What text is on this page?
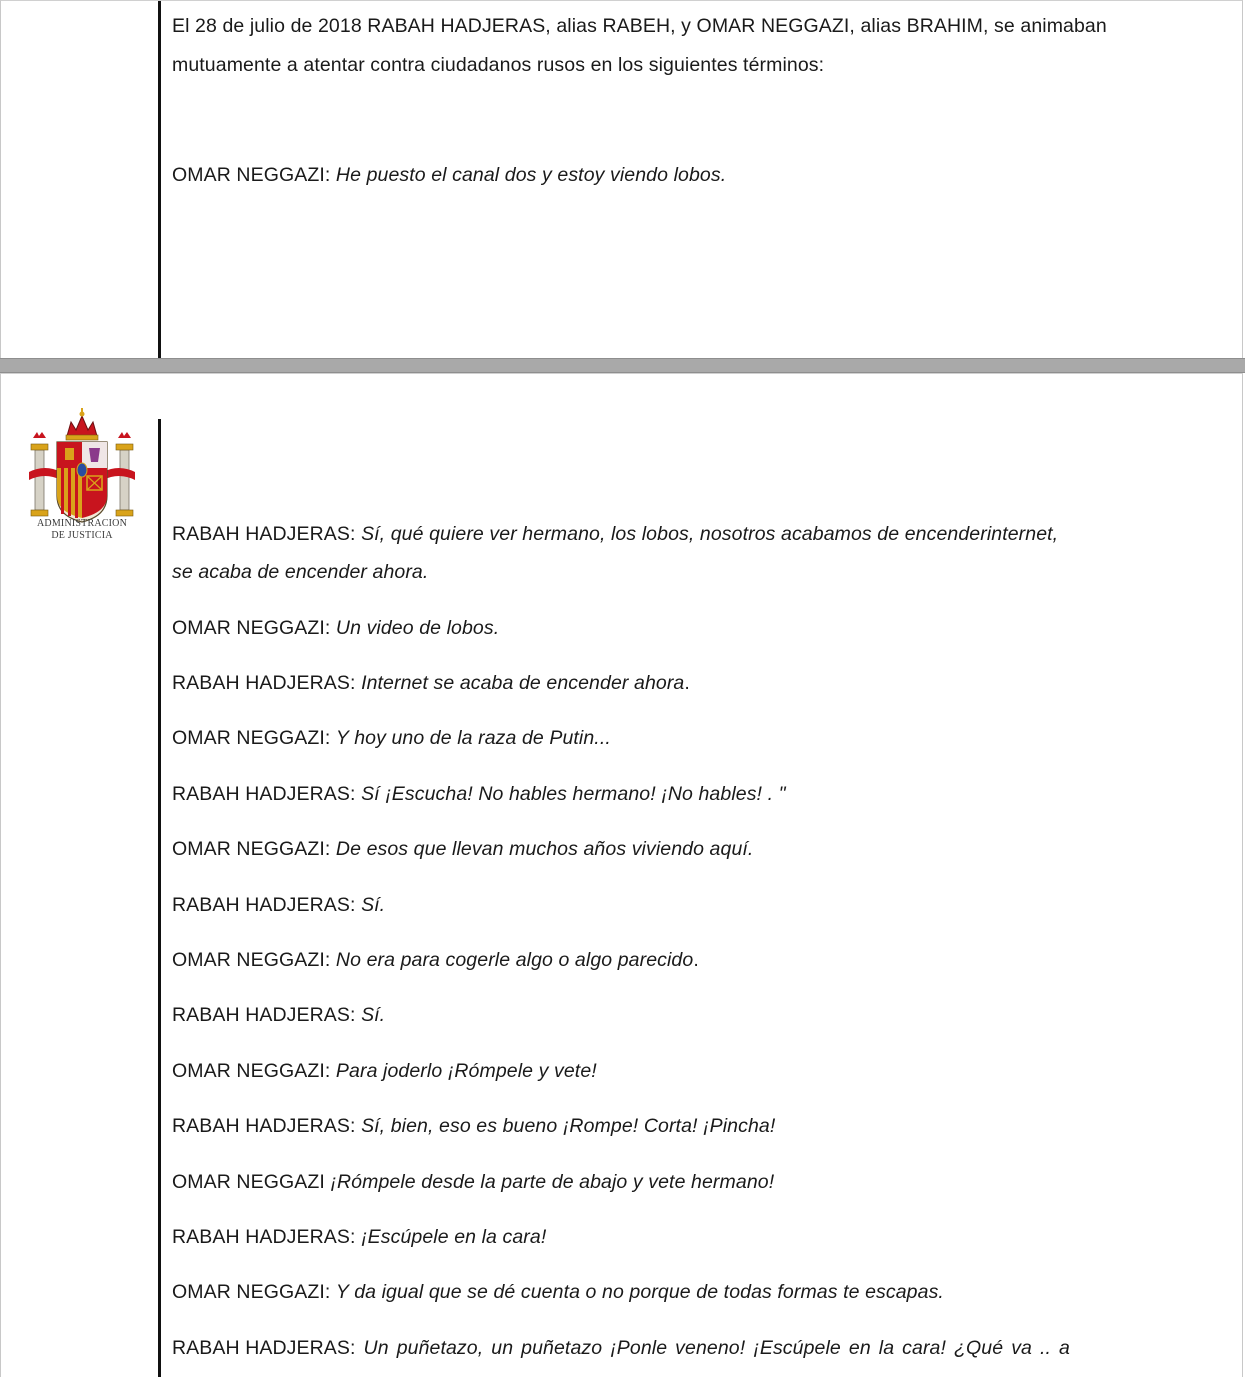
El 28 de julio de 2018 RABAH HADJERAS, alias RABEH, y OMAR NEGGAZI, alias BRAHIM, se animaban
mutuamente a atentar contra ciudadanos rusos en los siguientes términos:
OMAR NEGGAZI: He puesto el canal dos y estoy viendo lobos.
ADMINISTRACION
DE JUSTICIA	RABAH HADJERAS: Sí, qué quiere ver hermano, los lobos, nosotros acabamos de encenderinternet,
se acaba de encender ahora.
OMAR NEGGAZI: Un video de lobos.
RABAH HADJERAS: Internet se acaba de encender ahora.
OMAR NEGGAZI: Y hoy uno de la raza de Putin...
RABAH HADJERAS: Sí ¡Escucha! No hables hermano! ¡No hables! . "
OMAR NEGGAZI: De esos que llevan muchos años viviendo aquí.
RABAH HADJERAS: Sí.
OMAR NEGGAZI: No era para cogerle algo o algo parecido.
RABAH HADJERAS: Sí.
OMAR NEGGAZI: Para joderlo ¡Rómpele y vete!
RABAH HADJERAS: Sí, bien, eso es bueno ¡Rompe! Corta! ¡Pincha!
OMAR NEGGAZI ¡Rómpele desde la parte de abajo y vete hermano!
RABAH HADJERAS: ¡Escúpele en la cara!
OMAR NEGGAZI: Y da igual que se dé cuenta o no porque de todas formas te escapas.
RABAH HADJERAS: Un puñetazo, un puñetazo ¡Ponle veneno! ¡Escúpele en la cara! ¿Qué va .. a
